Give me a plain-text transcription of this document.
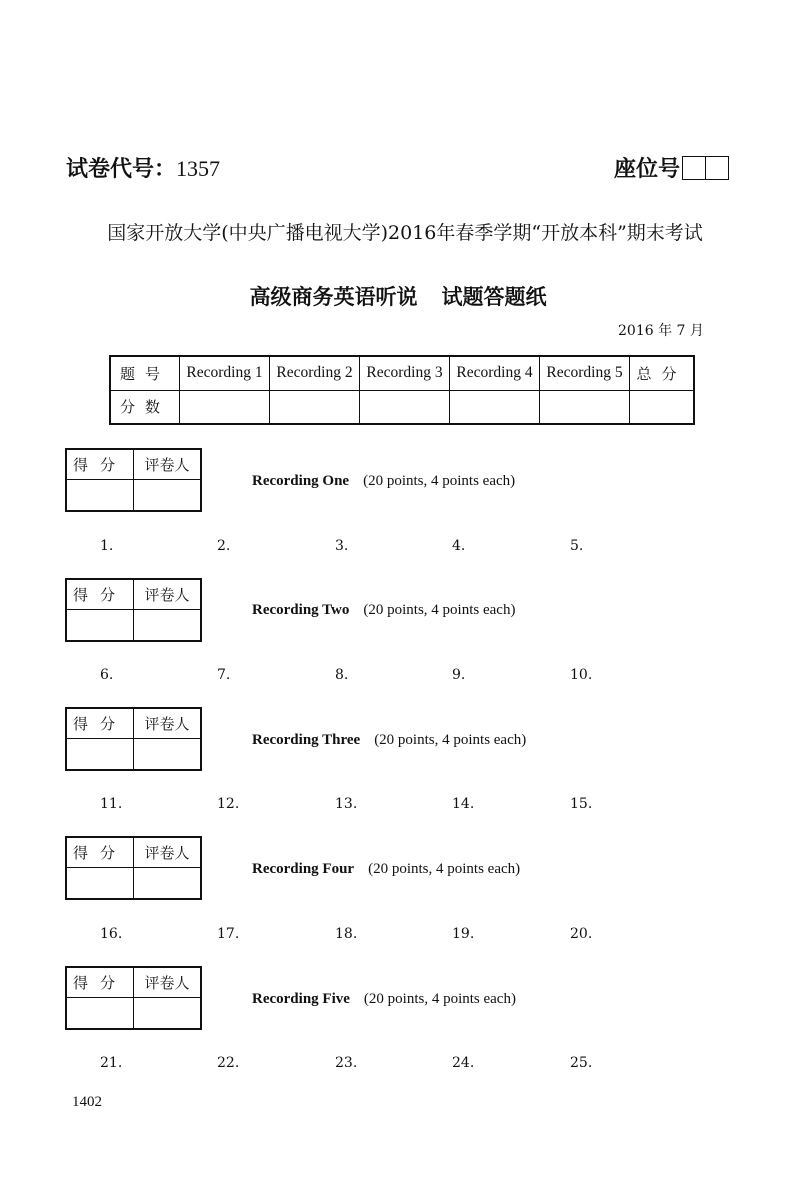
试卷代号：1357	座位号
国家开放大学(中央广播电视大学)2016年春季学期“开放本科”期末考试
高级商务英语听说 试题答题纸
2016 年 7 月
题号	Recording 1	Recording 2	Recording 3	Recording 4	Recording 5	总分
分数						
得分	评卷人

Recording One (20 points, 4 points each)
1.	2.	3.	4.	5.
得分	评卷人

Recording Two (20 points, 4 points each)
6.	7.	8.	9.	10.
得分	评卷人

Recording Three (20 points, 4 points each)
11.	12.	13.	14.	15.
得分	评卷人

Recording Four (20 points, 4 points each)
16.	17.	18.	19.	20.
得分	评卷人

Recording Five (20 points, 4 points each)
21.	22.	23.	24.	25.
1402
